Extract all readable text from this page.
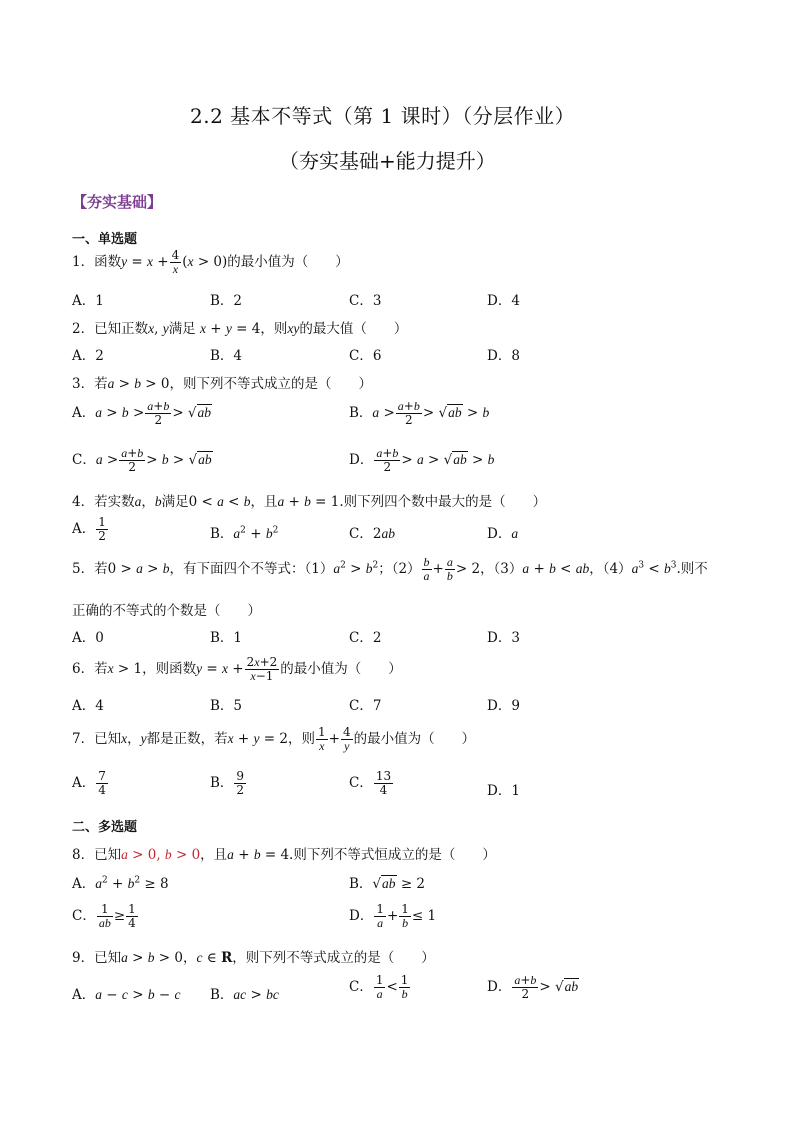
2.2 基本不等式（第 1 课时）（分层作业）
（夯实基础+能力提升）
【夯实基础】
一、单选题
1．函数$y = x + \frac{4}{x} (x > 0)$的最小值为（　　）
A．1	B．2	C．3	D．4
2．已知正数x, y满足 x + y = 4，则xy的最大值（　　）
A．2	B．4	C．6	D．8
3．若a > b > 0，则下列不等式成立的是（　　）
A．$a > b > \frac{a+b}{2} > √ab$	B．$a > \frac{a+b}{2} > √ab > b$
C．$a > \frac{a+b}{2} > b > √ab$	D． $\frac{a+b}{2} > a > √ab > b$
4．若实数a，b满足0 < a < b，且a + b = 1.则下列四个数中最大的是（　　）
A． $\frac{1}{2}$	B．$a^2 + b^2$	C．2ab	D．a
5．若0 > a > b，有下面四个不等式：$(1)a^2 > b^2$；$(2) \frac{b}{a} + \frac{a}{b} > 2$，（3）a + b < ab，$(4)a^3 < b^3$.则不
正确的不等式的个数是（　　）
A．0	B．1	C．2	D．3
6．若x > 1，则函数$y = x + \frac{2x+2}{x-1}$ 的最小值为（　　）
A．4	B．5	C．7	D．9
7．已知x，y都是正数，若x + y = 2，则 $\frac{1}{x} + \frac{4}{y}$ 的最小值为（　　）
A． $\frac{7}{4}$	B． $\frac{9}{2}$	C． $\frac{13}{4}$	D．1
二、多选题
8．已知a > 0, b > 0，且a + b = 4.则下列不等式恒成立的是（　　）
A．$a^2 + b^2 \ge 8$	B．√ab ≥ 2
C． $\frac{1}{ab} \ge \frac{1}{4}$	D． $\frac{1}{a} + \frac{1}{b} \le 1$
9．已知a > b > 0，c ∈ R，则下列不等式成立的是（　　）
A．a − c > b − c B．ac > bc	C． $\frac{1}{a} < \frac{1}{b}$	D． $\frac{a+b}{2} > √ab$
